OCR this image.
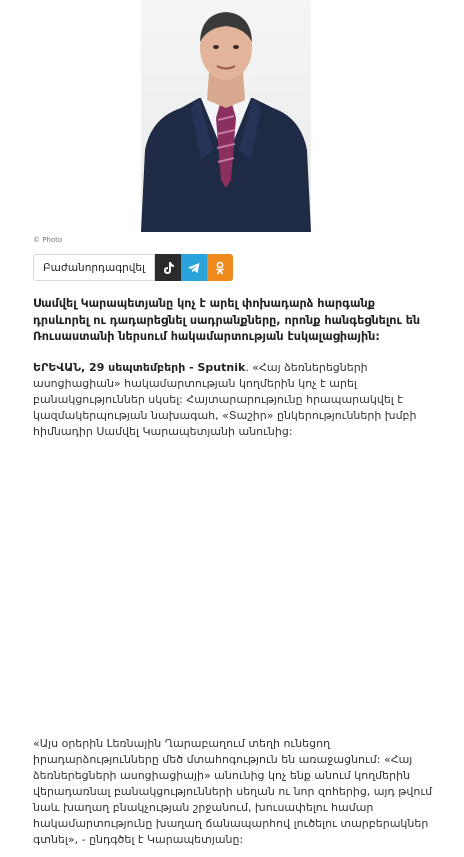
© Photo
Բաժանորդագրվել
Սամվել Կարապետյանը կոչ է արել փոխադարձ հարգանք դրսևորել ու դադարեցնել սադրանքները, որոնք հանգեցնելու են Ռուսաստանի ներսում հակամարտության էսկալացիային:
ԵՐԵՎԱՆ, 29 սեպտեմբերի - Sputnik. «Հայ ձեռներեցների ասոցիացիան» հակամարտության կողմերին կոչ է արել բանակցություններ սկսել: Հայտարարությունը հրապարակվել է կազմակերպության նախագահ, «Տաշիր» ընկերությունների խմբի հիմնադիր Սամվել Կարապետյանի անունից:
«Այս օրերին Լեռնային Ղարաբաղում տեղի ունեցող իրադարձությունները մեծ մտահոգություն են առաջացնում: «Հայ ձեռներեցների ասոցիացիայի» անունից կոչ ենք անում կողմերին վերադառնալ բանակցությունների սեղան ու նոր զոհերից, այդ թվում նաև խաղաղ բնակչության շրջանում, խուսափելու համար հակամարտությունը խաղաղ ճանապարհով լուծելու տարբերակներ գտնել», - ընդգծել է Կարապետյանը:
